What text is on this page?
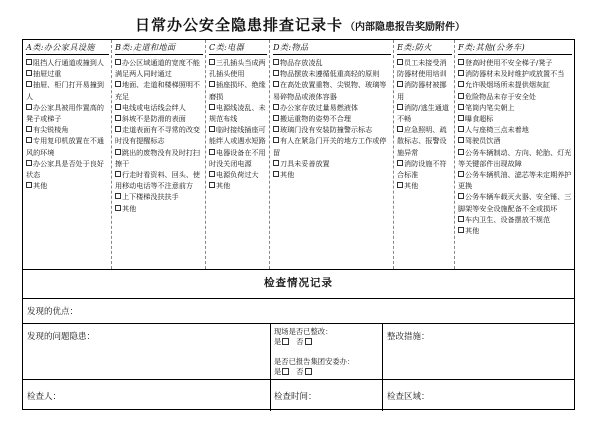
日常办公安全隐患排查记录卡 （内部隐患报告奖励附件）
A类:办公家具设施
阻挡人行通道或撞到人
抽屉过重
抽屉、柜门打开易撞到人
办公家具被用作置高的凳子或梯子
有尖锐棱角
专用复印机放置在不通风的环境
办公家具是否处于良好状态
其他
B类:走道和地面
办公区域通道的宽度不能满足两人同时通过
地面、走道和楼梯照明不充足
电线或电话线会绊人
斜坡不是防滑的表面
走道表面有不寻常的改变时没有提醒标志
跳出的废物没有及时打扫擦干
行走时看资料、回头、使用移动电话等不注意前方
上下楼梯没扶扶手
其他
C类:电器
三孔插头当成两孔插头使用
插座损坏、绝缘磨损
电源线凌乱、未规范布线
临时接线插座可能绊人或遇水短路
电器设备在不用时没关闭电源
电源负荷过大
其他
D类:物品
物品存放凌乱
物品摆放未遵循低重高轻的原则
在高处放置重物、尖锐物、玻璃等易碎物品或液体容器
办公家存放过量易燃液体
搬运重物的姿势不合理
玻璃门没有安装防撞警示标志
有人在紧急门开关的地方工作或停留
刀具未妥善放置
其他
E类:防火
员工未接受消防器材使用培训
消防器材被挪用
消防/逃生通道不畅
应急照明、疏散标志、报警设施异常
消防设施不符合标准
其他
F类:其他(公务车)
登高时使用不安全梯子/凳子
消防器材未及时维护或放置不当
允许吸烟场所未提供烟灰缸
危险物品未存于安全处
笔筒内笔尖朝上
曝食超标
人与座椅三点未着地
驾驶员饮酒
公务车辆制动、方向、轮胎、灯光等关键部件出现故障
公务车辆机油、滤芯等未定期养护更换
公务车辆车载灭火器、安全锤、三脚架等安全设施配备不全或损坏
车内卫生、设备摆放不规范
其他
检查情况记录
发现的优点：
发现的问题隐患：
现场是否已整改：
是 否
是否已报告集团安委办：
是 否
整改措施：
检查人：	检查时间：	检查区域：
